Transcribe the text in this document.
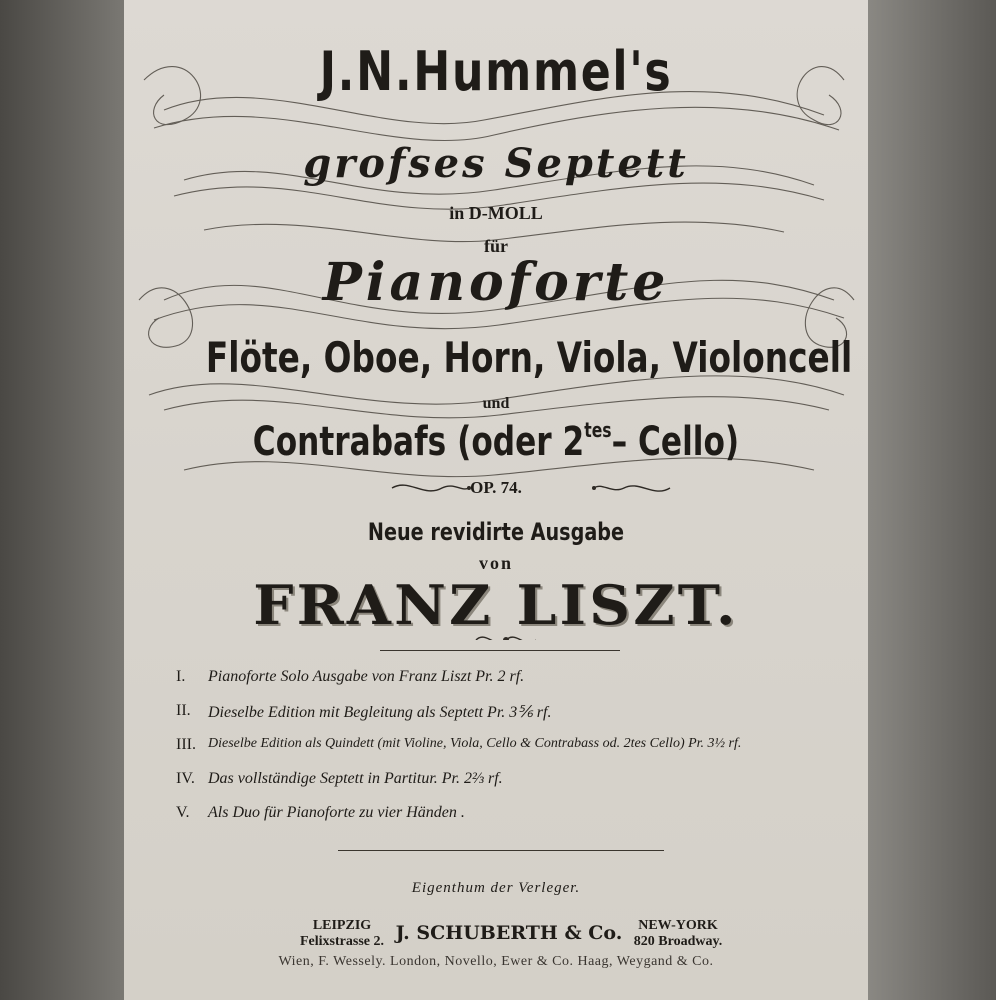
J.N.Hummel's
grofses Septett
in D-MOLL
für
Pianoforte
Flöte, Oboe, Horn, Viola, Violoncell
und
Contrabafs (oder $2^{tes}-$ Cello)
OP. 74.
Neue revidirte Ausgabe
von
FRANZ LISZT.
I.	Pianoforte Solo Ausgabe von Franz Liszt Pr. 2 rf.
II.	Dieselbe Edition mit Begleitung als Septett Pr. 3⅚ rf.
III. Dieselbe Edition als Quindett (mit Violine, Viola, Cello & Contrabass od. 2tes Cello) Pr. 3½ rf.
IV. Das vollständige Septett in Partitur. Pr. 2⅔ rf.
V.	Als Duo für Pianoforte zu vier Händen .
Eigenthum der Verleger.
LEIPZIG
Felixstrasse 2. J. SCHUBERTH & Co.	NEW-YORK
820 Broadway.
Wien, F. Wessely. London, Novello, Ewer & Co. Haag, Weygand & Co.
